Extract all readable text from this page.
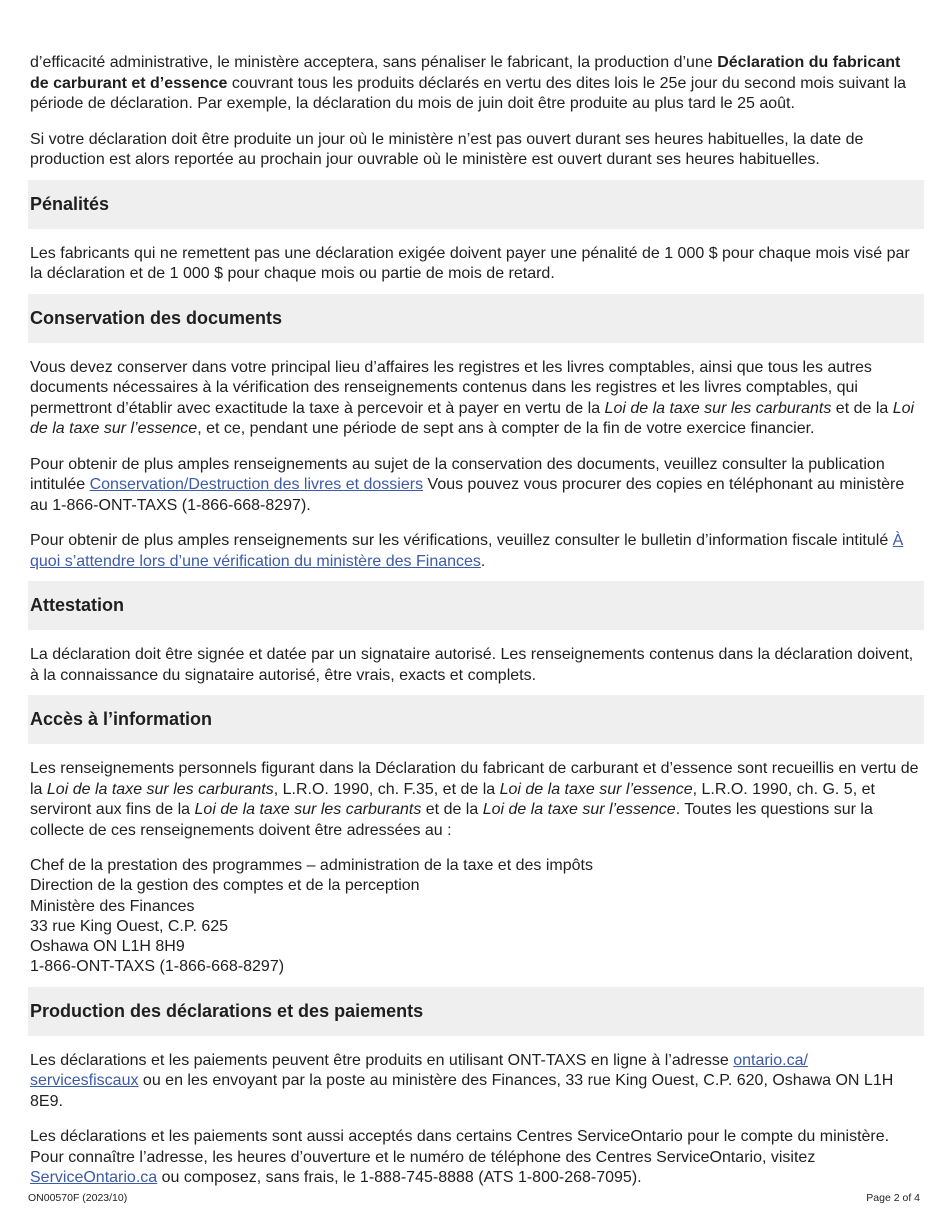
d’efficacité administrative, le ministère acceptera, sans pénaliser le fabricant, la production d’une Déclaration du fabricant de carburant et d’essence couvrant tous les produits déclarés en vertu des dites lois le 25e jour du second mois suivant la période de déclaration. Par exemple, la déclaration du mois de juin doit être produite au plus tard le 25 août.

Si votre déclaration doit être produite un jour où le ministère n’est pas ouvert durant ses heures habituelles, la date de production est alors reportée au prochain jour ouvrable où le ministère est ouvert durant ses heures habituelles.

Pénalités

Les fabricants qui ne remettent pas une déclaration exigée doivent payer une pénalité de 1 000 $ pour chaque mois visé par la déclaration et de 1 000 $ pour chaque mois ou partie de mois de retard.

Conservation des documents

Vous devez conserver dans votre principal lieu d’affaires les registres et les livres comptables, ainsi que tous les autres documents nécessaires à la vérification des renseignements contenus dans les registres et les livres comptables, qui permettront d’établir avec exactitude la taxe à percevoir et à payer en vertu de la Loi de la taxe sur les carburants et de la Loi de la taxe sur l’essence, et ce, pendant une période de sept ans à compter de la fin de votre exercice financier.

Pour obtenir de plus amples renseignements au sujet de la conservation des documents, veuillez consulter la publication intitulée Conservation/Destruction des livres et dossiers Vous pouvez vous procurer des copies en téléphonant au ministère au 1-866-ONT-TAXS (1-866-668-8297).

Pour obtenir de plus amples renseignements sur les vérifications, veuillez consulter le bulletin d’information fiscale intitulé À quoi s’attendre lors d’une vérification du ministère des Finances.

Attestation

La déclaration doit être signée et datée par un signataire autorisé. Les renseignements contenus dans la déclaration doivent, à la connaissance du signataire autorisé, être vrais, exacts et complets.

Accès à l’information

Les renseignements personnels figurant dans la Déclaration du fabricant de carburant et d’essence sont recueillis en vertu de la Loi de la taxe sur les carburants, L.R.O. 1990, ch. F.35, et de la Loi de la taxe sur l’essence, L.R.O. 1990, ch. G. 5, et serviront aux fins de la Loi de la taxe sur les carburants et de la Loi de la taxe sur l’essence. Toutes les questions sur la collecte de ces renseignements doivent être adressées au :

Chef de la prestation des programmes – administration de la taxe et des impôts

Direction de la gestion des comptes et de la perception

Ministère des Finances

33 rue King Ouest, C.P. 625

Oshawa ON L1H 8H9

1-866-ONT-TAXS (1-866-668-8297)

Production des déclarations et des paiements

Les déclarations et les paiements peuvent être produits en utilisant ONT-TAXS en ligne à l’adresse ontario.ca/
servicesfiscaux ou en les envoyant par la poste au ministère des Finances, 33 rue King Ouest, C.P. 620, Oshawa ON L1H 8E9.

Les déclarations et les paiements sont aussi acceptés dans certains Centres ServiceOntario pour le compte du ministère. Pour connaître l’adresse, les heures d’ouverture et le numéro de téléphone des Centres ServiceOntario, visitez ServiceOntario.ca ou composez, sans frais, le 1-888-745-8888 (ATS 1-800-268-7095).

ON00570F (2023/10)	Page 2 of 4
